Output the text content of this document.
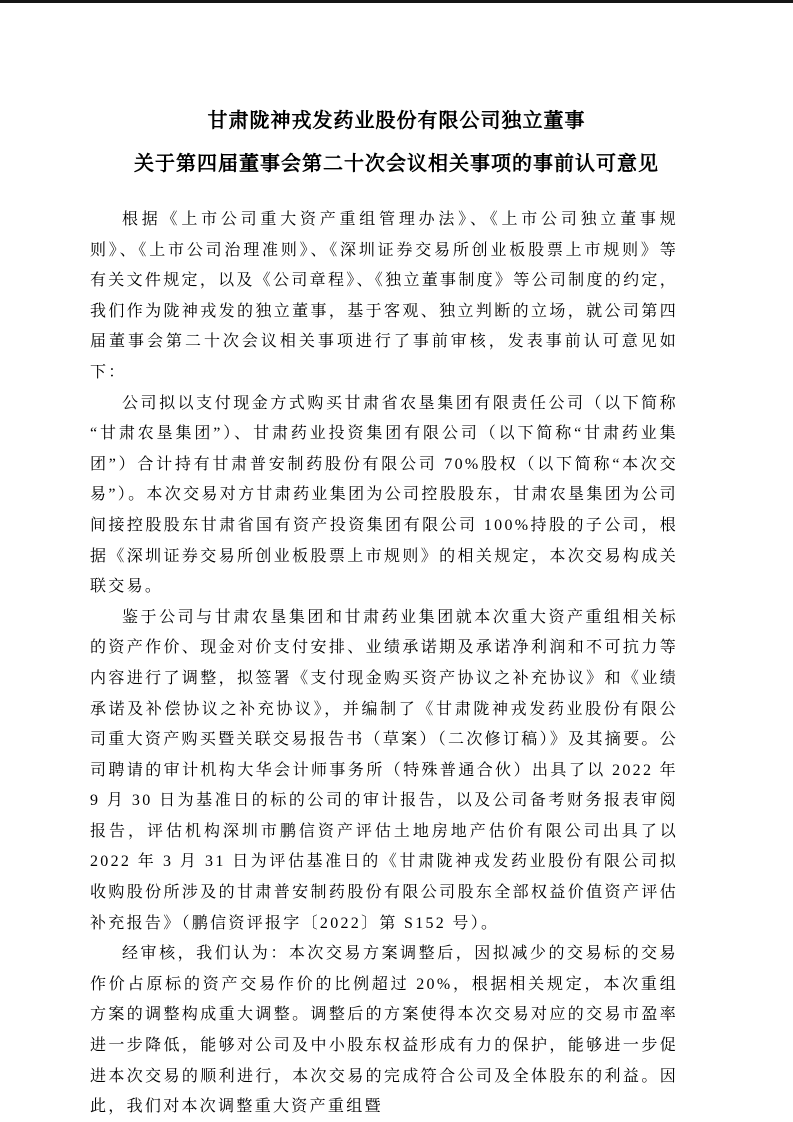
甘肃陇神戎发药业股份有限公司独立董事
关于第四届董事会第二十次会议相关事项的事前认可意见

根据《上市公司重大资产重组管理办法》、《上市公司独立董事规则》、《上市公司治理准则》、《深圳证券交易所创业板股票上市规则》等有关文件规定，以及《公司章程》、《独立董事制度》等公司制度的约定，我们作为陇神戎发的独立董事，基于客观、独立判断的立场，就公司第四届董事会第二十次会议相关事项进行了事前审核，发表事前认可意见如下：

公司拟以支付现金方式购买甘肃省农垦集团有限责任公司（以下简称“甘肃农垦集团”）、甘肃药业投资集团有限公司（以下简称“甘肃药业集团”）合计持有甘肃普安制药股份有限公司 70%股权（以下简称“本次交易”）。本次交易对方甘肃药业集团为公司控股股东，甘肃农垦集团为公司间接控股股东甘肃省国有资产投资集团有限公司 100%持股的子公司，根据《深圳证券交易所创业板股票上市规则》的相关规定，本次交易构成关联交易。

鉴于公司与甘肃农垦集团和甘肃药业集团就本次重大资产重组相关标的资产作价、现金对价支付安排、业绩承诺期及承诺净利润和不可抗力等内容进行了调整，拟签署《支付现金购买资产协议之补充协议》和《业绩承诺及补偿协议之补充协议》，并编制了《甘肃陇神戎发药业股份有限公司重大资产购买暨关联交易报告书（草案）（二次修订稿）》及其摘要。公司聘请的审计机构大华会计师事务所（特殊普通合伙）出具了以 2022 年 9 月 30 日为基准日的标的公司的审计报告，以及公司备考财务报表审阅报告，评估机构深圳市鹏信资产评估土地房地产估价有限公司出具了以 2022 年 3 月 31 日为评估基准日的《甘肃陇神戎发药业股份有限公司拟收购股份所涉及的甘肃普安制药股份有限公司股东全部权益价值资产评估补充报告》（鹏信资评报字〔2022〕第 S152 号）。

经审核，我们认为：本次交易方案调整后，因拟减少的交易标的交易作价占原标的资产交易作价的比例超过 20%，根据相关规定，本次重组方案的调整构成重大调整。调整后的方案使得本次交易对应的交易市盈率进一步降低，能够对公司及中小股东权益形成有力的保护，能够进一步促进本次交易的顺利进行，本次交易的完成符合公司及全体股东的利益。因此，我们对本次调整重大资产重组暨
